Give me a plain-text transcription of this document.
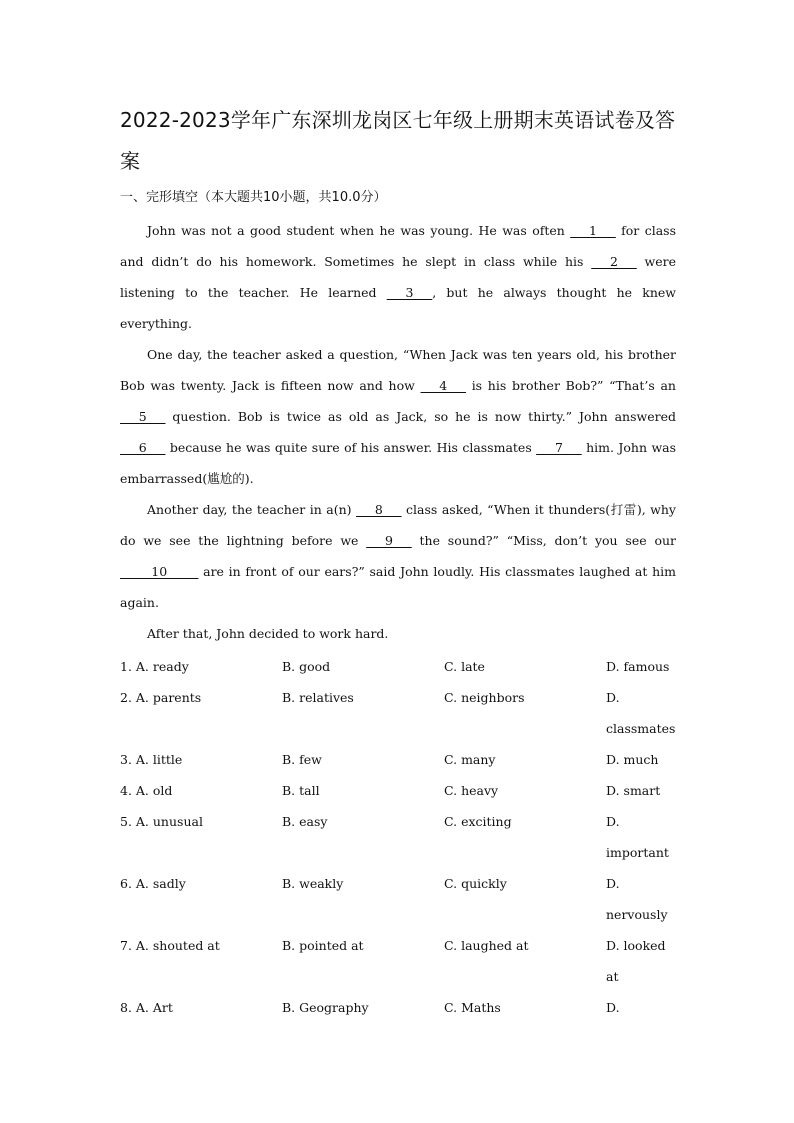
2022-2023学年广东深圳龙岗区七年级上册期末英语试卷及答案
一、完形填空（本大题共10小题，共10.0分）

John was not a good student when he was young. He was often ___1___ for class and didn’t do his homework. Sometimes he slept in class while his ___2___ were listening to the teacher. He learned ___3___, but he always thought he knew everything.

One day, the teacher asked a question, “When Jack was ten years old, his brother Bob was twenty. Jack is fifteen now and how ___4___ is his brother Bob?” “That’s an ___5___ question. Bob is twice as old as Jack, so he is now thirty.” John answered ___6___ because he was quite sure of his answer. His classmates ___7___ him. John was embarrassed(尴尬的).

Another day, the teacher in a(n) ___8___ class asked, “When it thunders(打雷), why do we see the lightning before we ___9___ the sound?” “Miss, don’t you see our _____10_____ are in front of our ears?” said John loudly. His classmates laughed at him again.

After that, John decided to work hard.

1. A. ready	B. good	C. late	D. famous
2. A. parents	B. relatives	C. neighbors	D. classmates
3. A. little	B. few	C. many	D. much
4. A. old	B. tall	C. heavy	D. smart
5. A. unusual	B. easy	C. exciting	D. important
6. A. sadly	B. weakly	C. quickly	D. nervously
7. A. shouted at	B. pointed at	C. laughed at	D. looked at
8. A. Art	B. Geography	C. Maths	D.
